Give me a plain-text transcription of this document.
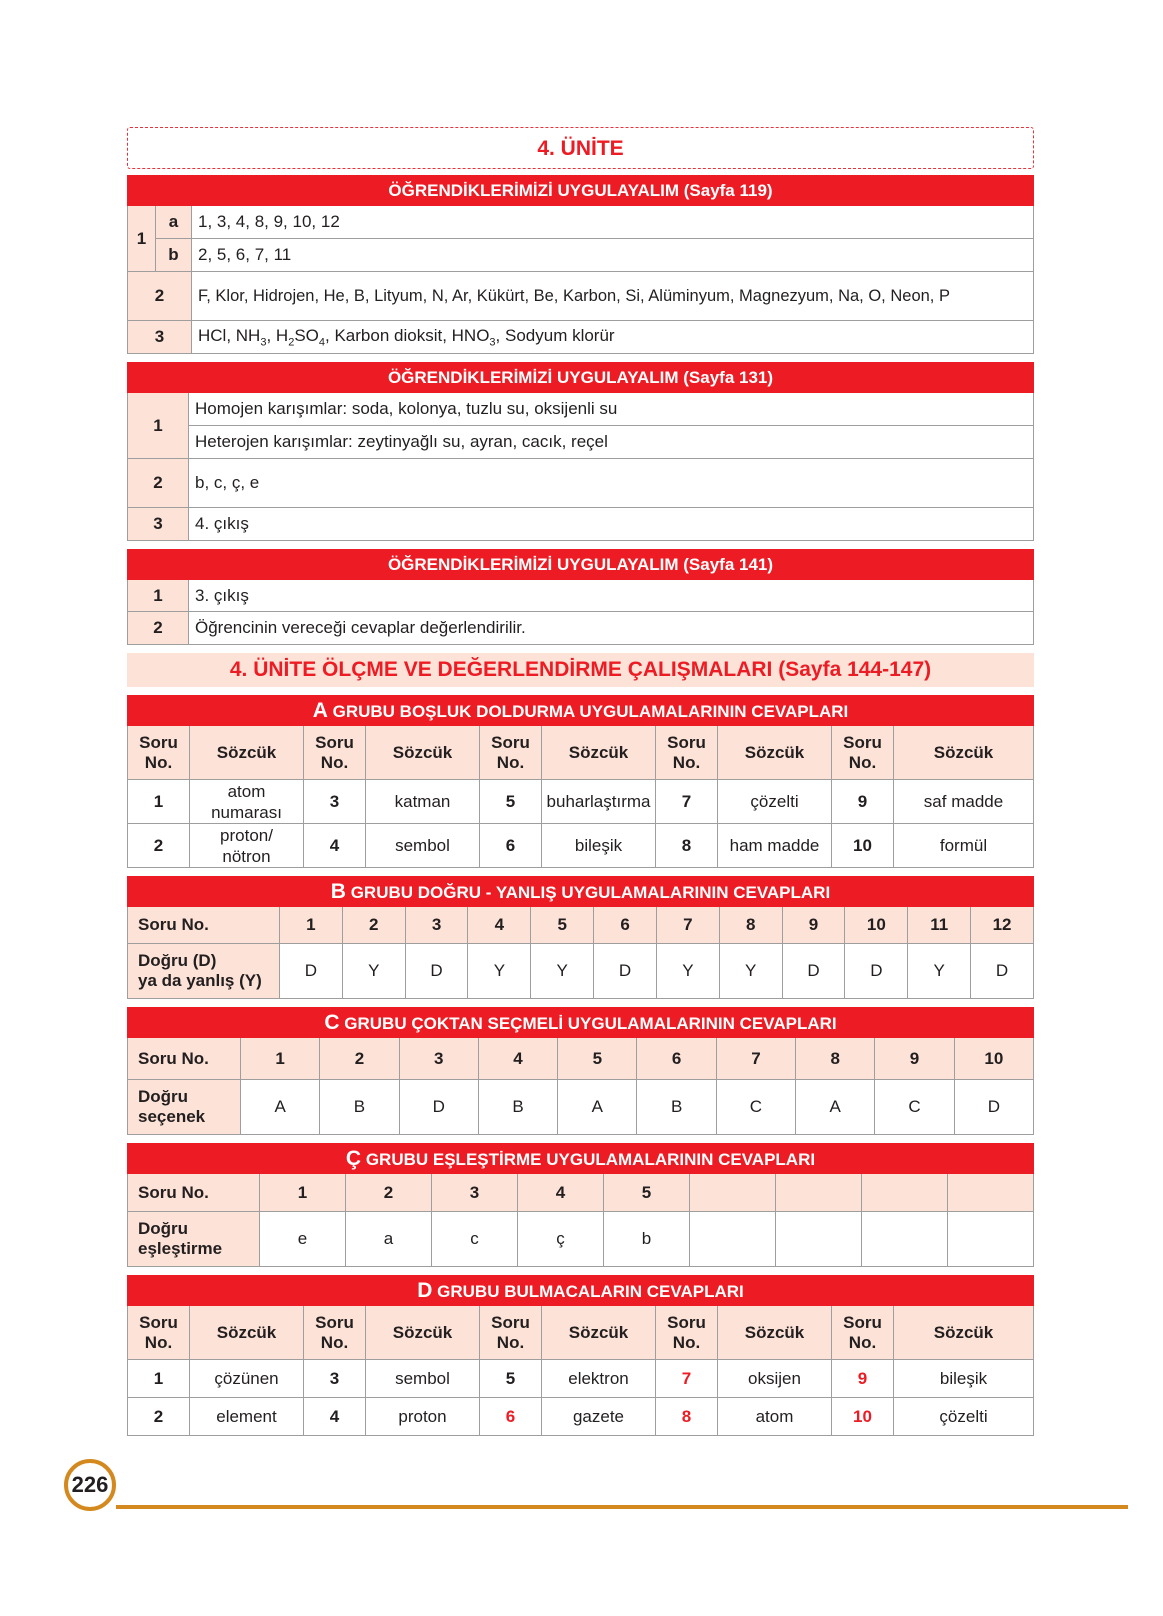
4. ÜNİTE
ÖĞRENDİKLERİMİZİ UYGULAYALIM (Sayfa 119)		
1	a	1, 3, 4, 8, 9, 10, 12
	b	2, 5, 6, 7, 11
2		F, Klor, Hidrojen, He, B, Lityum, N, Ar, Kükürt, Be, Karbon, Si, Alüminyum, Magnezyum, Na, O, Neon, P
3		HCl, $NH_3$, $H_2SO_4$, Karbon dioksit, $HNO_3$, Sodyum klorür
ÖĞRENDİKLERİMİZİ UYGULAYALIM (Sayfa 131)	
1	Homojen karışımlar: soda, kolonya, tuzlu su, oksijenli su
	Heterojen karışımlar: zeytinyağlı su, ayran, cacık, reçel
2	b, c, ç, e
3	4. çıkış
ÖĞRENDİKLERİMİZİ UYGULAYALIM (Sayfa 141)	
1	3. çıkış
2	Öğrencinin vereceği cevaplar değerlendirilir.
4. ÜNİTE ÖLÇME VE DEĞERLENDİRME ÇALIŞMALARI (Sayfa 144-147)
A GRUBU BOŞLUK DOLDURMA UYGULAMALARININ CEVAPLARI									
Soru No.	Sözcük	Soru No.	Sözcük	Soru No.	Sözcük	Soru No.	Sözcük	Soru No.	Sözcük
1	atom numarası	3	katman	5	buharlaştırma	7	çözelti	9	saf madde
2	proton/ nötron	4	sembol	6	bileşik	8	ham madde	10	formül
B GRUBU DOĞRU - YANLIŞ UYGULAMALARININ CEVAPLARI												
Soru No.	1	2	3	4	5	6	7	8	9	10	11	12
Doğru (D)
ya da yanlış (Y)	D	Y	D	Y	Y	D	Y	Y	D	D	Y	D
C GRUBU ÇOKTAN SEÇMELİ UYGULAMALARININ CEVAPLARI										
Soru No.	1	2	3	4	5	6	7	8	9	10
Doğru
seçenek	A	B	D	B	A	B	C	A	C	D
Ç GRUBU EŞLEŞTİRME UYGULAMALARININ CEVAPLARI									
Soru No.	1	2	3	4	5				
Doğru
eşleştirme	e	a	c	ç	b				
D GRUBU BULMACALARIN CEVAPLARI									
Soru No.	Sözcük	Soru No.	Sözcük	Soru No.	Sözcük	Soru No.	Sözcük	Soru No.	Sözcük
1	çözünen	3	sembol	5	elektron	7	oksijen	9	bileşik
2	element	4	proton	6	gazete	8	atom	10	çözelti
226
